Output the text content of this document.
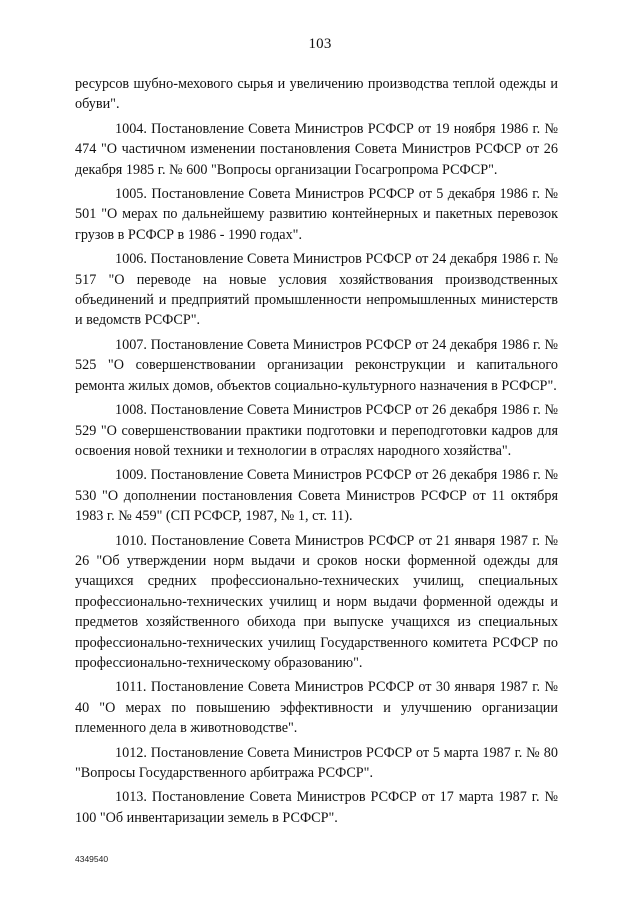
103

ресурсов шубно-мехового сырья и увеличению производства теплой одежды и обуви".

1004. Постановление Совета Министров РСФСР от 19 ноября 1986 г. № 474 "О частичном изменении постановления Совета Министров РСФСР от 26 декабря 1985 г. № 600 "Вопросы организации Госагропрома РСФСР".

1005. Постановление Совета Министров РСФСР от 5 декабря 1986 г. № 501 "О мерах по дальнейшему развитию контейнерных и пакетных перевозок грузов в РСФСР в 1986 - 1990 годах".

1006. Постановление Совета Министров РСФСР от 24 декабря 1986 г. № 517 "О переводе на новые условия хозяйствования производственных объединений и предприятий промышленности непромышленных министерств и ведомств РСФСР".

1007. Постановление Совета Министров РСФСР от 24 декабря 1986 г. № 525 "О совершенствовании организации реконструкции и капитального ремонта жилых домов, объектов социально-культурного назначения в РСФСР".

1008. Постановление Совета Министров РСФСР от 26 декабря 1986 г. № 529 "О совершенствовании практики подготовки и переподготовки кадров для освоения новой техники и технологии в отраслях народного хозяйства".

1009. Постановление Совета Министров РСФСР от 26 декабря 1986 г. № 530 "О дополнении постановления Совета Министров РСФСР от 11 октября 1983 г. № 459" (СП РСФСР, 1987, № 1, ст. 11).

1010. Постановление Совета Министров РСФСР от 21 января 1987 г. № 26 "Об утверждении норм выдачи и сроков носки форменной одежды для учащихся средних профессионально-технических училищ, специальных профессионально-технических училищ и норм выдачи форменной одежды и предметов хозяйственного обихода при выпуске учащихся из специальных профессионально-технических училищ Государственного комитета РСФСР по профессионально-техническому образованию".

1011. Постановление Совета Министров РСФСР от 30 января 1987 г. № 40 "О мерах по повышению эффективности и улучшению организации племенного дела в животноводстве".

1012. Постановление Совета Министров РСФСР от 5 марта 1987 г. № 80 "Вопросы Государственного арбитража РСФСР".

1013. Постановление Совета Министров РСФСР от 17 марта 1987 г. № 100 "Об инвентаризации земель в РСФСР".

4349540
